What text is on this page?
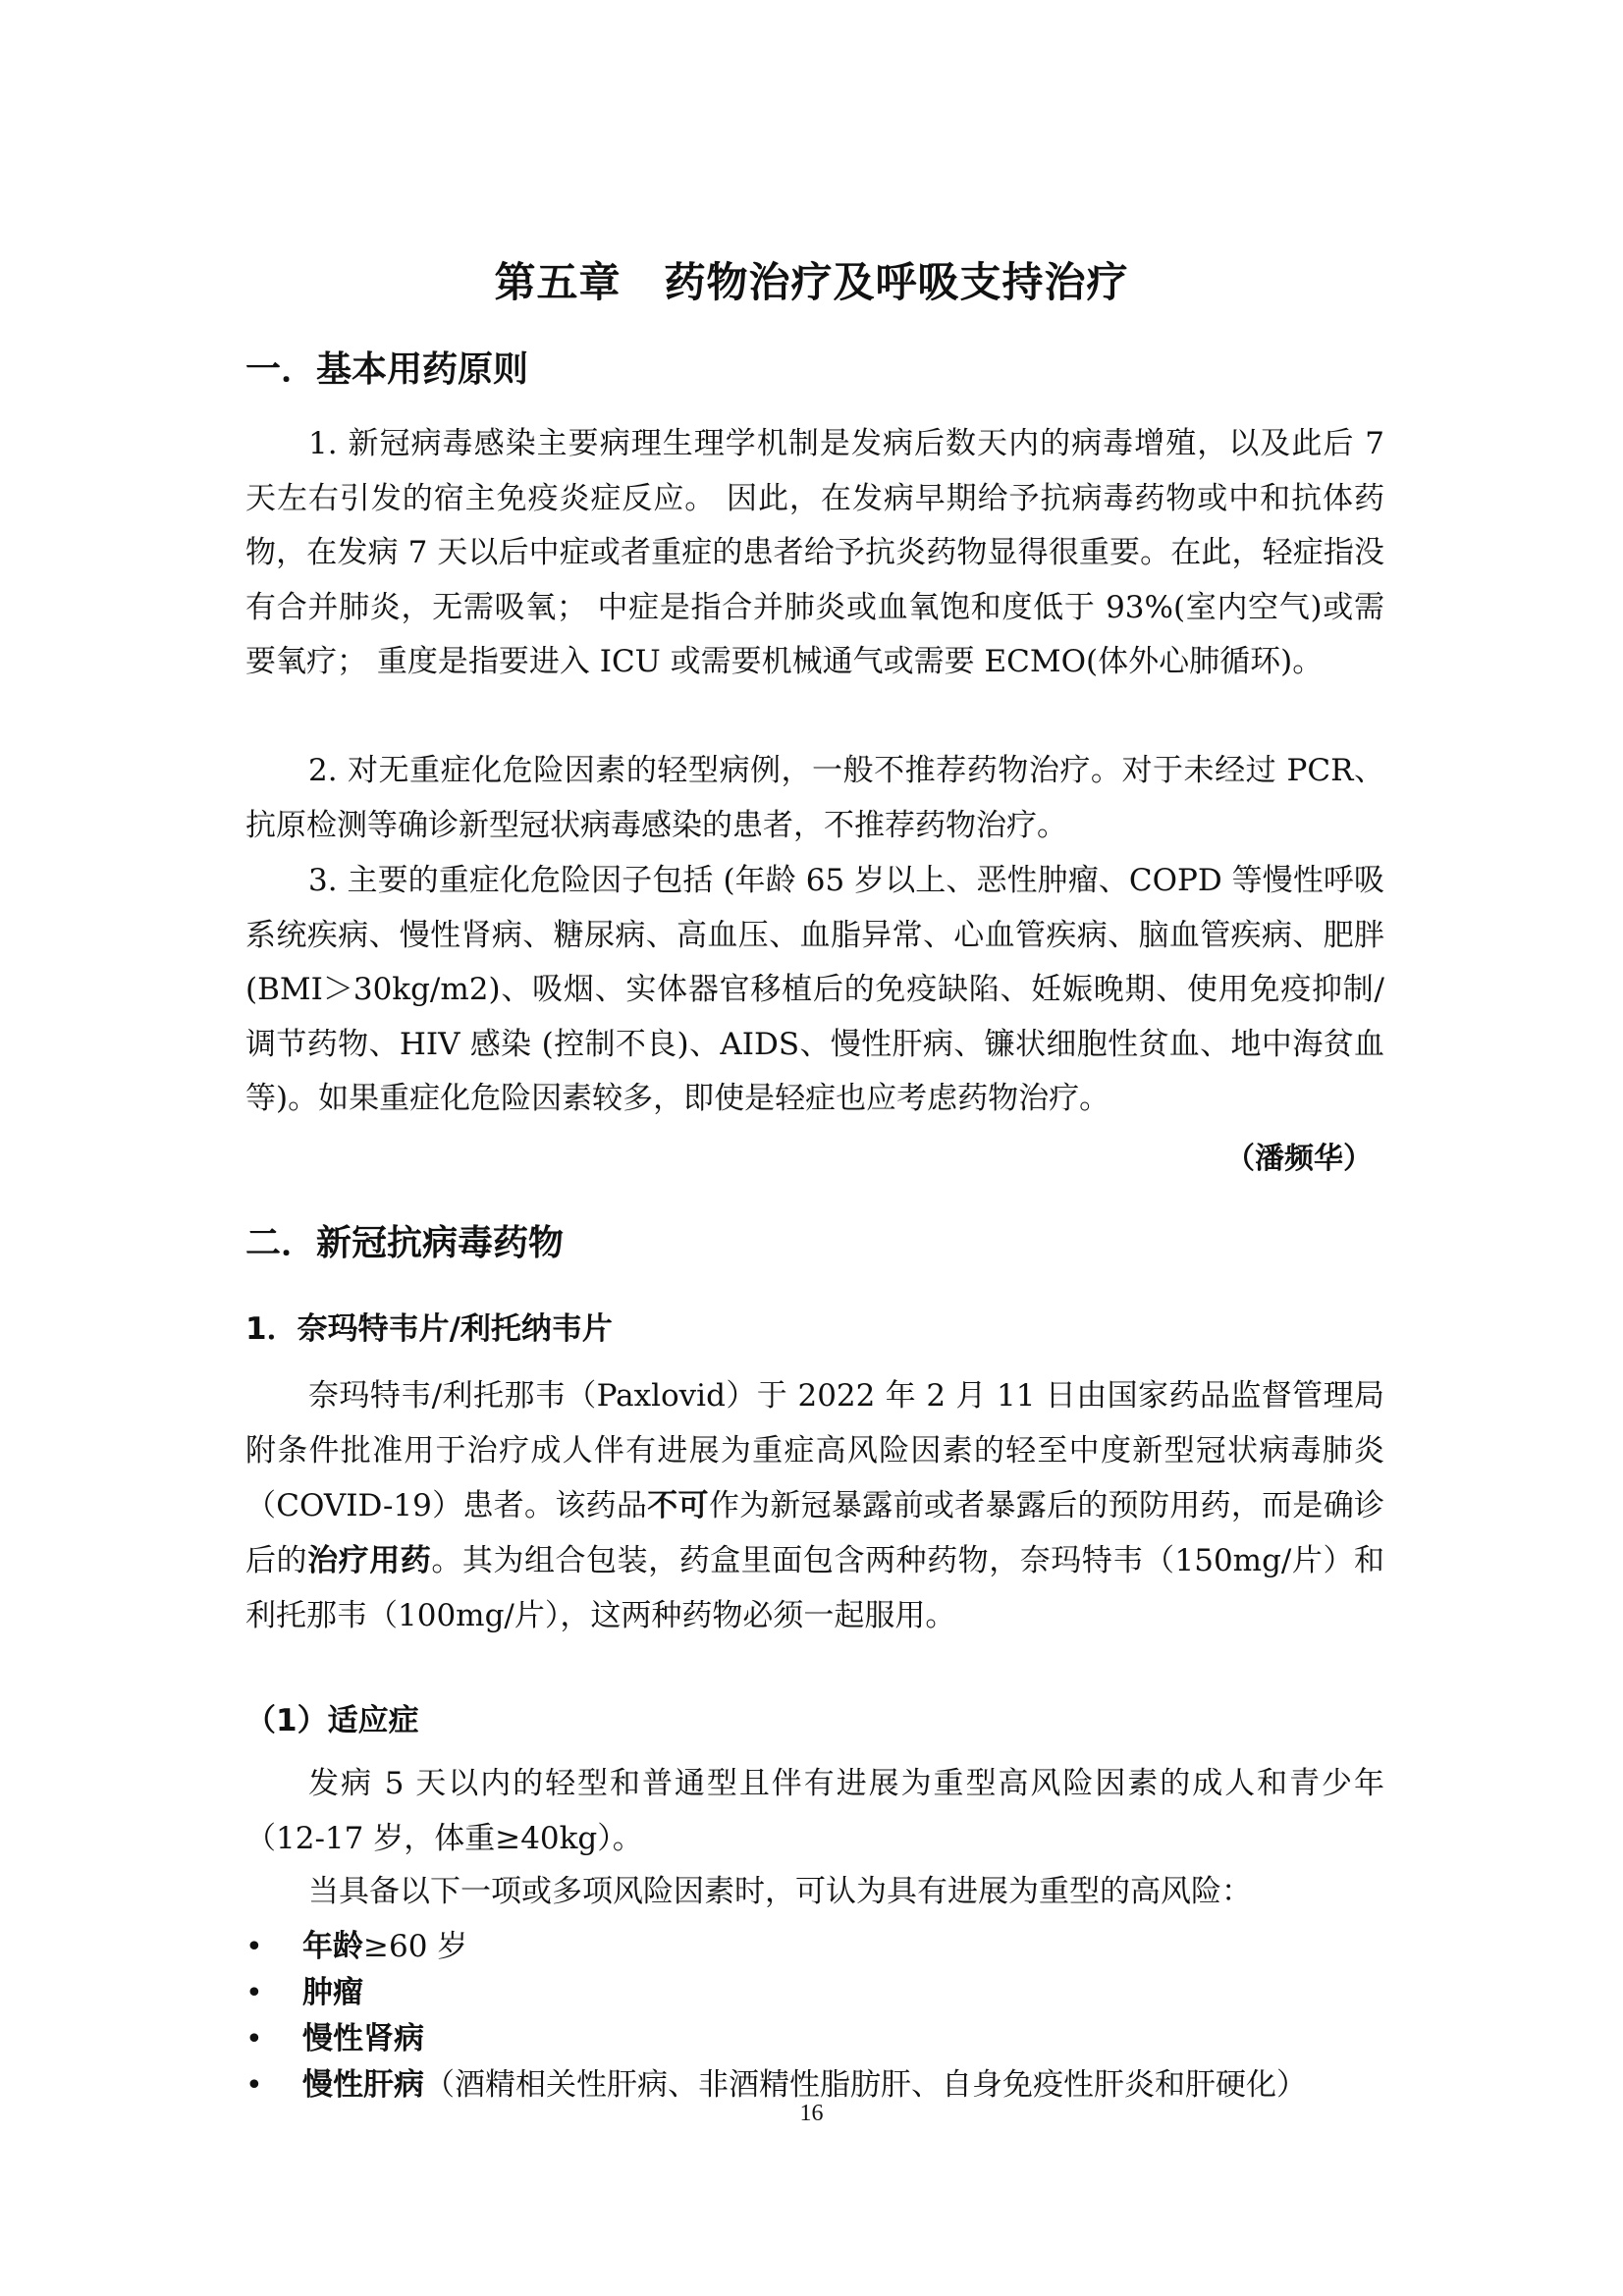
第五章 药物治疗及呼吸支持治疗
一．基本用药原则

1. 新冠病毒感染主要病理生理学机制是发病后数天内的病毒增殖，以及此后 7 天左右引发的宿主免疫炎症反应。 因此，在发病早期给予抗病毒药物或中和抗体药物，在发病 7 天以后中症或者重症的患者给予抗炎药物显得很重要。在此，轻症指没有合并肺炎，无需吸氧； 中症是指合并肺炎或血氧饱和度低于 93%(室内空气)或需要氧疗； 重度是指要进入 ICU 或需要机械通气或需要 ECMO(体外心肺循环)。

2. 对无重症化危险因素的轻型病例，一般不推荐药物治疗。对于未经过 PCR、抗原检测等确诊新型冠状病毒感染的患者，不推荐药物治疗。

3. 主要的重症化危险因子包括 (年龄 65 岁以上、恶性肿瘤、COPD 等慢性呼吸系统疾病、慢性肾病、糖尿病、高血压、血脂异常、心血管疾病、脑血管疾病、肥胖 (BMI＞30kg/m2)、吸烟、实体器官移植后的免疫缺陷、妊娠晚期、使用免疫抑制/调节药物、HIV 感染 (控制不良)、AIDS、慢性肝病、镰状细胞性贫血、地中海贫血等)。如果重症化危险因素较多，即使是轻症也应考虑药物治疗。

（潘频华）

二．新冠抗病毒药物
1．奈玛特韦片/利托纳韦片

奈玛特韦/利托那韦（Paxlovid）于 2022 年 2 月 11 日由国家药品监督管理局附条件批准用于治疗成人伴有进展为重症高风险因素的轻至中度新型冠状病毒肺炎（COVID-19）患者。该药品不可作为新冠暴露前或者暴露后的预防用药，而是确诊后的治疗用药。其为组合包装，药盒里面包含两种药物，奈玛特韦（150mg/片）和利托那韦（100mg/片），这两种药物必须一起服用。

（1）适应症

发病 5 天以内的轻型和普通型且伴有进展为重型高风险因素的成人和青少年（12-17 岁，体重≥40kg）。

当具备以下一项或多项风险因素时，可认为具有进展为重型的高风险：

• 年龄≥60 岁
• 肿瘤
• 慢性肾病
• 慢性肝病（酒精相关性肝病、非酒精性脂肪肝、自身免疫性肝炎和肝硬化）

16
